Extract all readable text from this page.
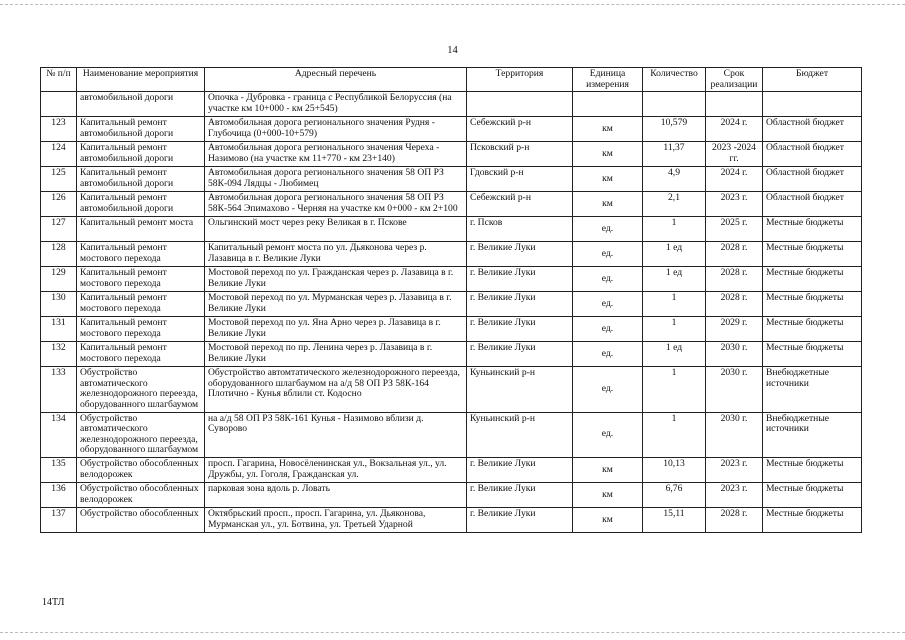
14
№ п/п	Наименование мероприятия	Адресный перечень	Территория	Единица измерения	Количество	Срок реализации	Бюджет
	автомобильной дороги	Опочка - Дубровка - граница с Республикой Белоруссия (на участке км 10+000 - км 25+545)					
123	Капитальный ремонт автомобильной дороги	Автомобильная дорога регионального значения Рудня - Глубочица (0+000-10+579)	Себежский р-н	км	10,579	2024 г.	Областной бюджет
124	Капитальный ремонт автомобильной дороги	Автомобильная дорога регионального значения Череха - Назимово (на участке км 11+770 - км 23+140)	Псковский р-н	км	11,37	2023 -2024 гг.	Областной бюджет
125	Капитальный ремонт автомобильной дороги	Автомобильная дорога регионального значения 58 ОП РЗ 58К-094 Лядцы - Любимец	Гдовский р-н	км	4,9	2024 г.	Областной бюджет
126	Капитальный ремонт автомобильной дороги	Автомобильная дорога регионального значения 58 ОП РЗ 58К-564 Эпимахово - Черняя на участке км 0+000 - км 2+100	Себежский р-н	км	2,1	2023 г.	Областной бюджет
127	Капитальный ремонт моста	Ольгинский мост через реку Великая в г. Пскове	г. Псков	ед.	1	2025 г.	Местные бюджеты
128	Капитальный ремонт мостового перехода	Капитальный ремонт моста по ул. Дьяконова через р. Лазавица в г. Великие Луки	г. Великие Луки	ед.	1 ед	2028 г.	Местные бюджеты
129	Капитальный ремонт мостового перехода	Мостовой переход по ул. Гражданская через р. Лазавица в г. Великие Луки	г. Великие Луки	ед.	1 ед	2028 г.	Местные бюджеты
130	Капитальный ремонт мостового перехода	Мостовой переход по ул. Мурманская через р. Лазавица в г. Великие Луки	г. Великие Луки	ед.	1	2028 г.	Местные бюджеты
131	Капитальный ремонт мостового перехода	Мостовой переход по ул. Яна Арно через р. Лазавица в г. Великие Луки	г. Великие Луки	ед.	1	2029 г.	Местные бюджеты
132	Капитальный ремонт мостового перехода	Мостовой переход по пр. Ленина через р. Лазавица в г. Великие Луки	г. Великие Луки	ед.	1 ед	2030 г.	Местные бюджеты
133	Обустройство автоматического железнодорожного переезда, оборудованного шлагбаумом	Обустройство автомтатического железнодорожного переезда, оборудованного шлагбаумом на а/д 58 ОП РЗ 58К-164 Плотично - Кунья вблили ст. Кодосно	Куньинский р-н	ед.	1	2030 г.	Внебюджетные источники
134	Обустройство автоматического железнодорожного переезда, оборудованного шлагбаумом	на а/д 58 ОП РЗ 58К-161 Кунья - Назимово вблизи д. Суворово	Куньинский р-н	ед.	1	2030 г.	Внебюджетные источники
135	Обустройство обособленных велодорожек	просп. Гагарина, Новосёленинская ул., Вокзальная ул., ул. Дружбы, ул. Гоголя, Гражданская ул.	г. Великие Луки	км	10,13	2023 г.	Местные бюджеты
136	Обустройство обособленных велодорожек	парковая зона вдоль р. Ловать	г. Великие Луки	км	6,76	2023 г.	Местные бюджеты
137	Обустройство обособленных	Октябрьский просп., просп. Гагарина, ул. Дьяконова, Мурманская ул., ул. Ботвина, ул. Третьей Ударной	г. Великие Луки	км	15,11	2028 г.	Местные бюджеты
14ТЛ
